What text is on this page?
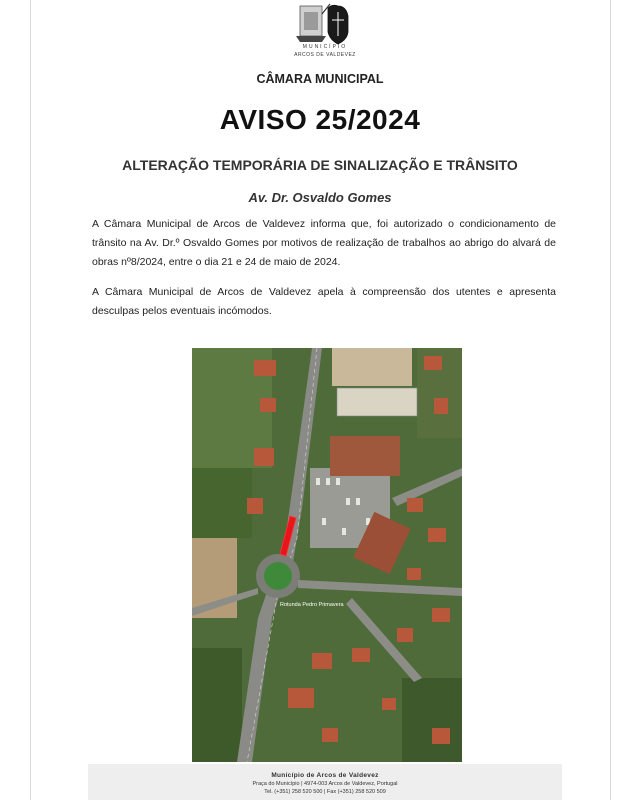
MUNICÍPIO
ARCOS DE VALDEVEZ
CÂMARA MUNICIPAL
AVISO 25/2024
ALTERAÇÃO TEMPORÁRIA DE SINALIZAÇÃO E TRÂNSITO
Av. Dr. Osvaldo Gomes
A Câmara Municipal de Arcos de Valdevez informa que, foi autorizado o condicionamento de trânsito na Av. Dr.º Osvaldo Gomes por motivos de realização de trabalhos ao abrigo do alvará de obras nº8/2024, entre o dia 21 e 24 de maio de 2024.
A Câmara Municipal de Arcos de Valdevez apela à compreensão dos utentes e apresenta desculpas pelos eventuais incómodos.
Rotunda Pedro Primavera
Município de Arcos de Valdevez
Praça do Município | 4974-003 Arcos de Valdevez, Portugal
Tel. (+351) 258 520 500 | Fax (+351) 258 520 509
